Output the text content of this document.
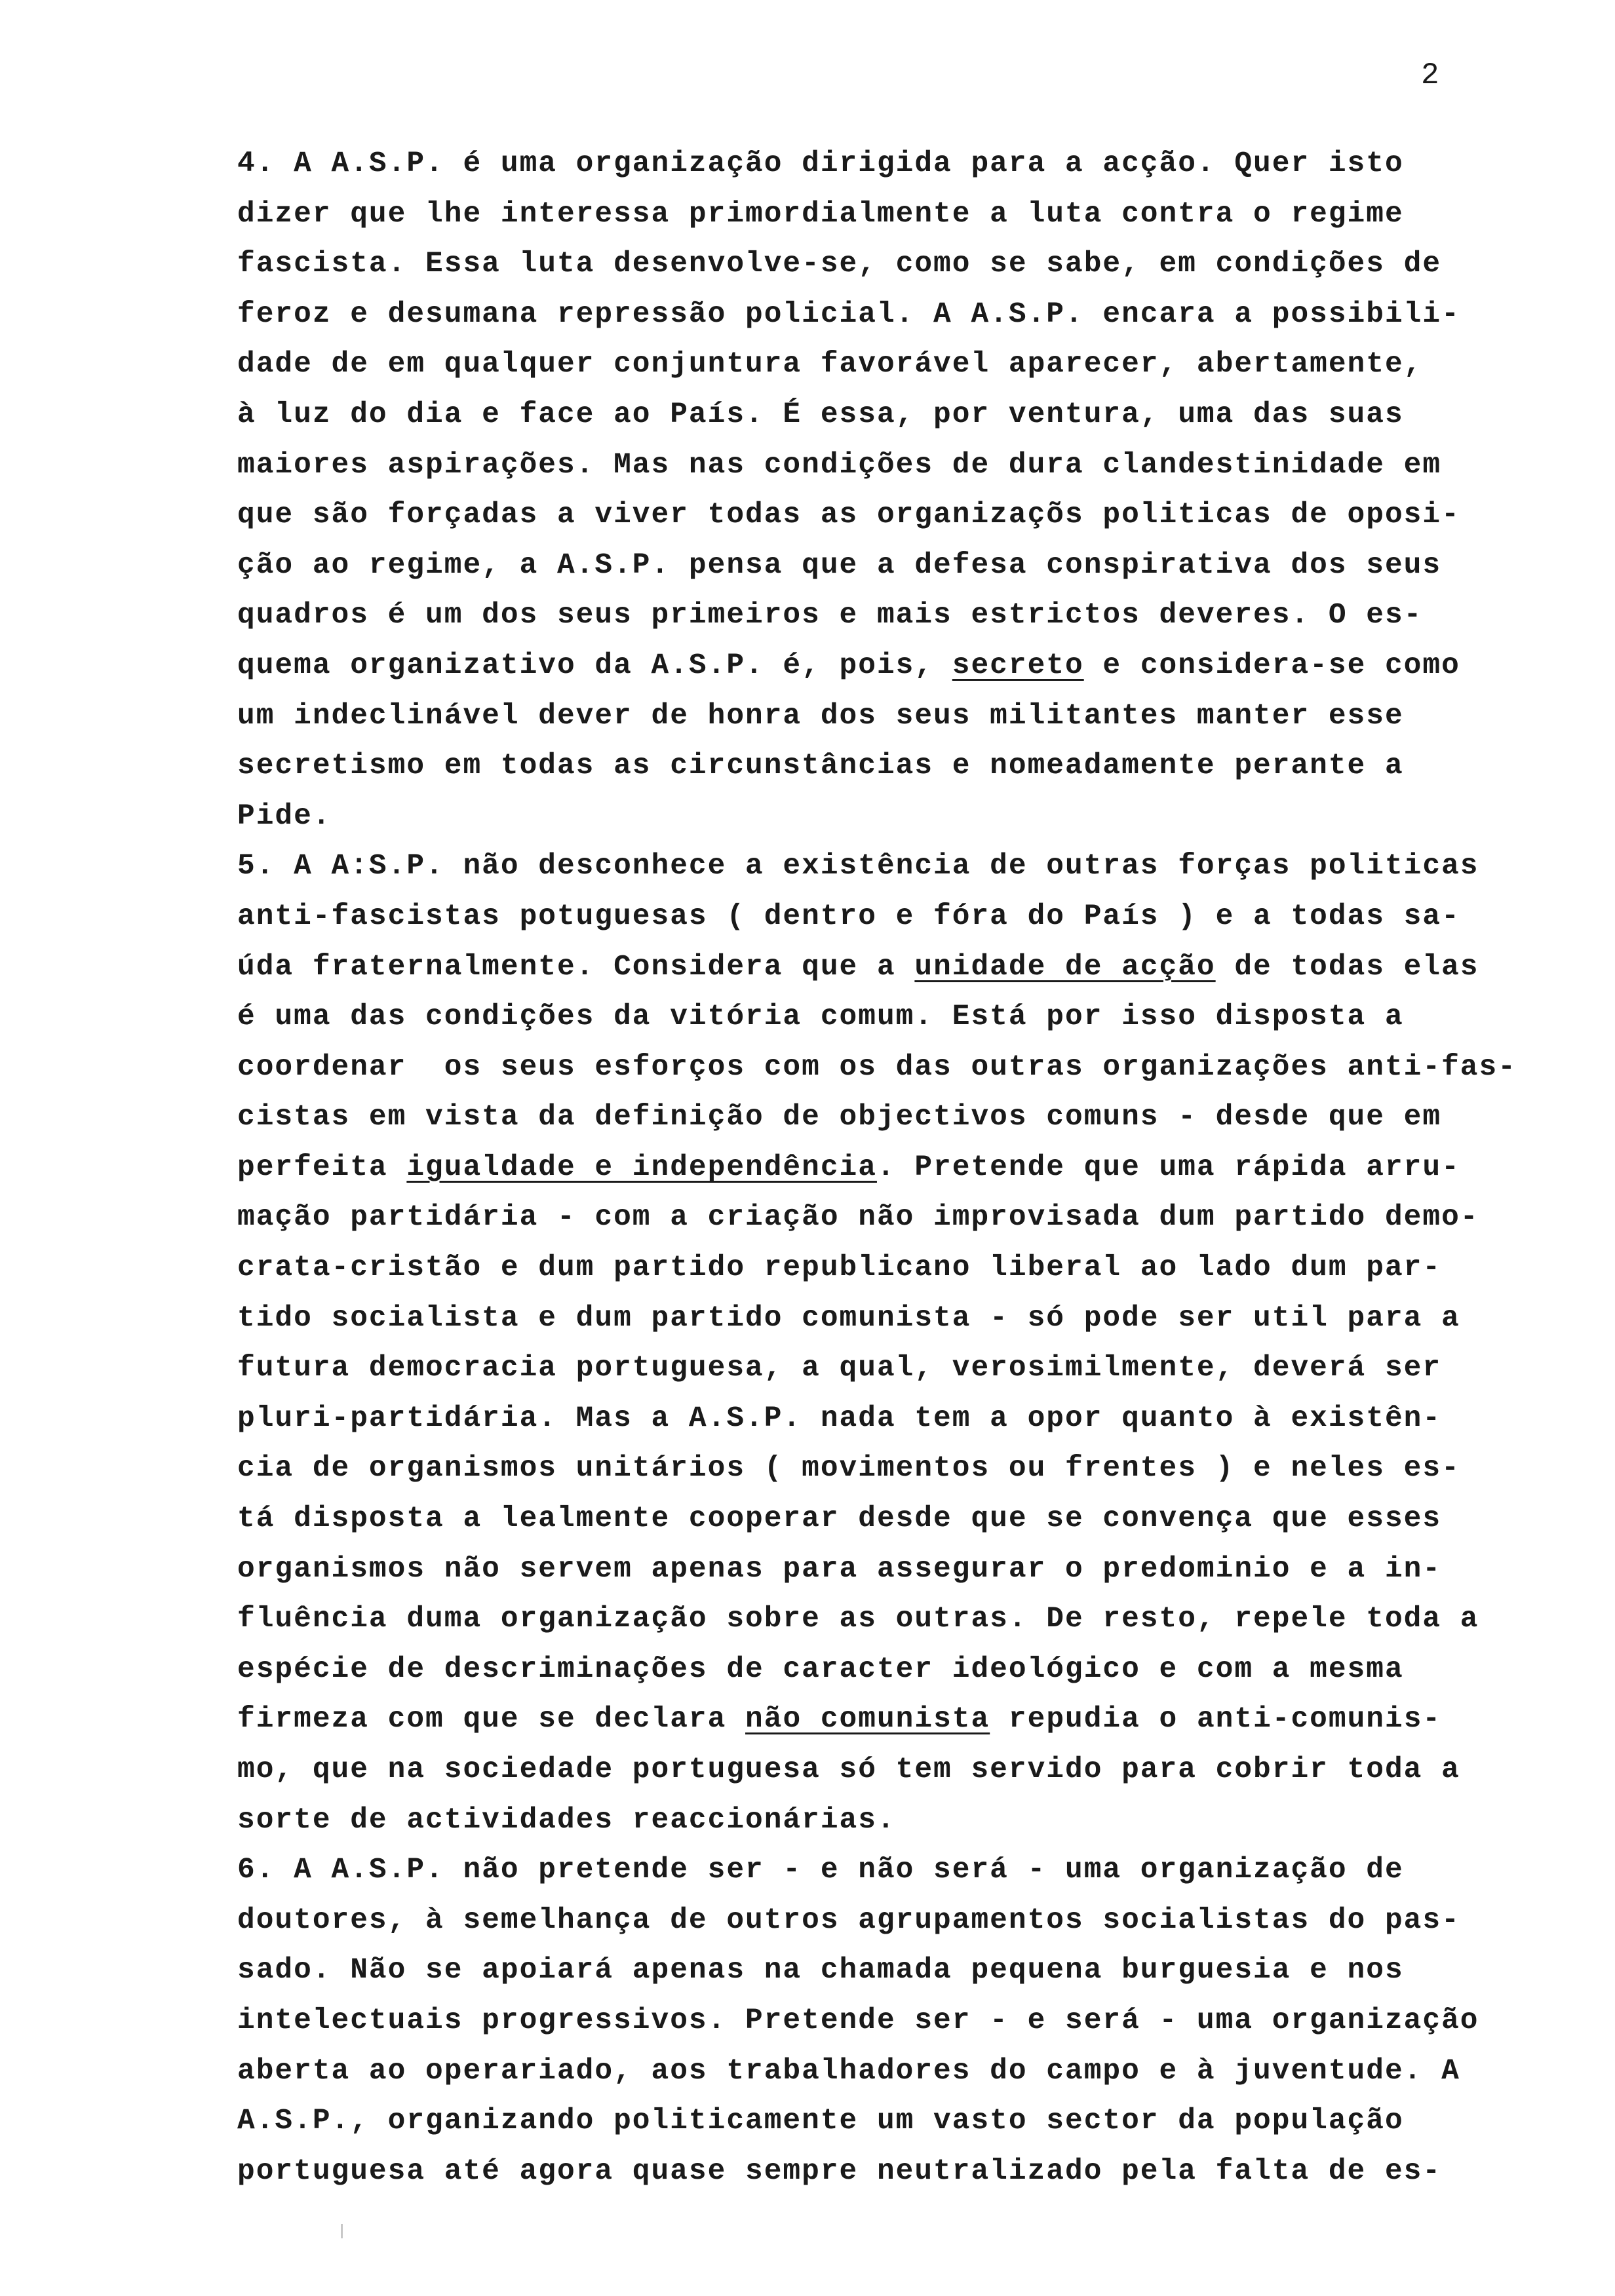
2
4. A A.S.P. é uma organização dirigida para a acção. Quer isto
dizer que lhe interessa primordialmente a luta contra o regime
fascista. Essa luta desenvolve-se, como se sabe, em condições de
feroz e desumana repressão policial. A A.S.P. encara a possibili-
dade de em qualquer conjuntura favorável aparecer, abertamente,
à luz do dia e face ao País. É essa, por ventura, uma das suas
maiores aspirações. Mas nas condições de dura clandestinidade em
que são forçadas a viver todas as organizaçõs politicas de oposi-
ção ao regime, a A.S.P. pensa que a defesa conspirativa dos seus
quadros é um dos seus primeiros e mais estrictos deveres. O es-
quema organizativo da A.S.P. é, pois, secreto e considera-se como
um indeclinável dever de honra dos seus militantes manter esse
secretismo em todas as circunstâncias e nomeadamente perante a
Pide.
5. A A:S.P. não desconhece a existência de outras forças politicas
anti-fascistas potuguesas ( dentro e fóra do País ) e a todas sa-
úda fraternalmente. Considera que a unidade de acção de todas elas
é uma das condições da vitória comum. Está por isso disposta a
coordenar  os seus esforços com os das outras organizações anti-fas-
cistas em vista da definição de objectivos comuns - desde que em
perfeita igualdade e independência. Pretende que uma rápida arru-
mação partidária - com a criação não improvisada dum partido demo-
crata-cristão e dum partido republicano liberal ao lado dum par-
tido socialista e dum partido comunista - só pode ser util para a
futura democracia portuguesa, a qual, verosimilmente, deverá ser
pluri-partidária. Mas a A.S.P. nada tem a opor quanto à existên-
cia de organismos unitários ( movimentos ou frentes ) e neles es-
tá disposta a lealmente cooperar desde que se convença que esses
organismos não servem apenas para assegurar o predominio e a in-
fluência duma organização sobre as outras. De resto, repele toda a
espécie de descriminações de caracter ideológico e com a mesma
firmeza com que se declara não comunista repudia o anti-comunis-
mo, que na sociedade portuguesa só tem servido para cobrir toda a
sorte de actividades reaccionárias.
6. A A.S.P. não pretende ser - e não será - uma organização de
doutores, à semelhança de outros agrupamentos socialistas do pas-
sado. Não se apoiará apenas na chamada pequena burguesia e nos
intelectuais progressivos. Pretende ser - e será - uma organização
aberta ao operariado, aos trabalhadores do campo e à juventude. A
A.S.P., organizando politicamente um vasto sector da população
portuguesa até agora quase sempre neutralizado pela falta de es-
